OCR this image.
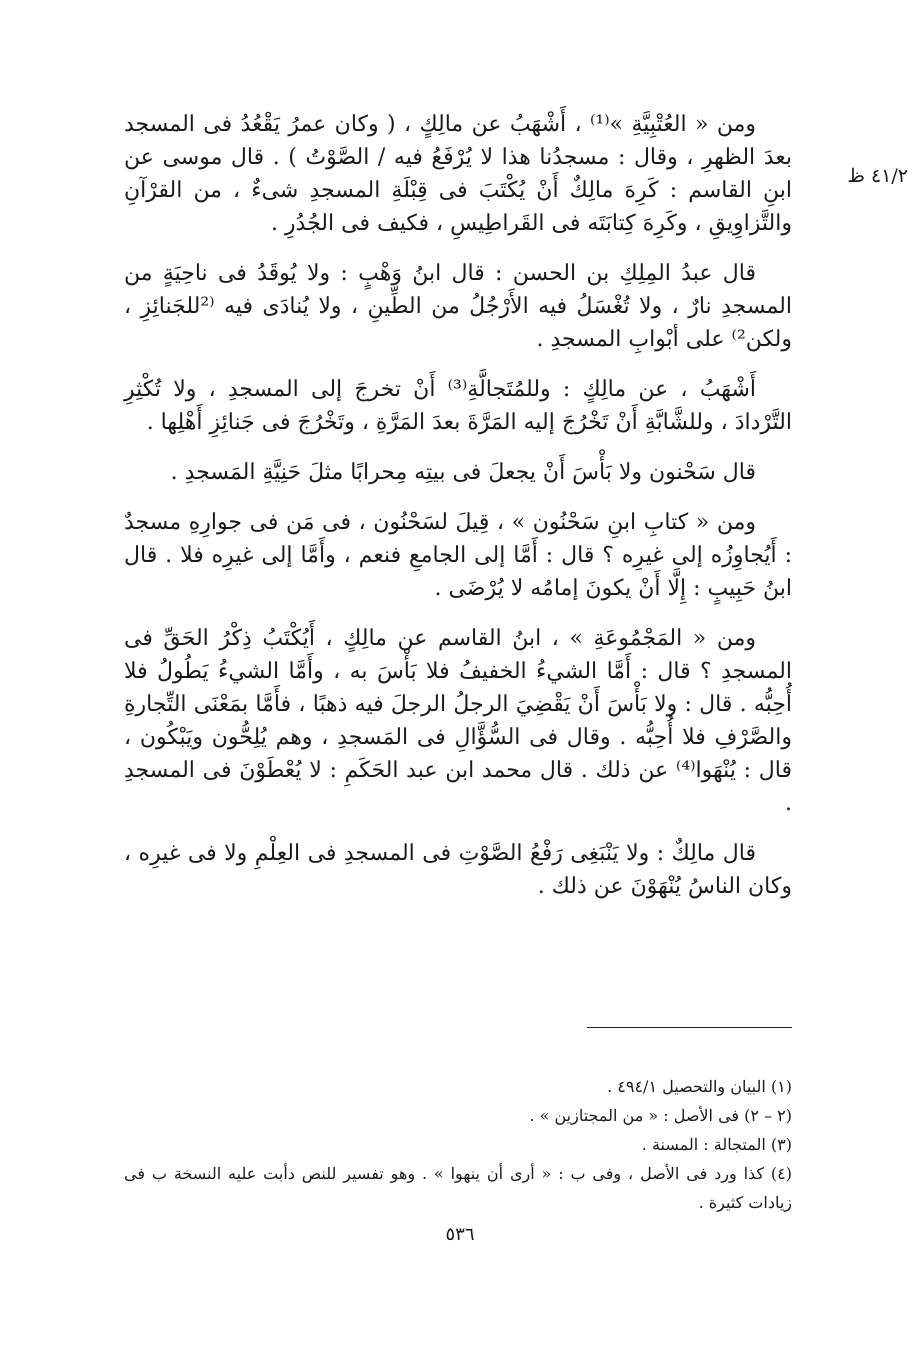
٤١/٢ ظ

ومن « العُتْبِيَّةِ »⁽¹⁾ ، أَشْهَبُ عن مالِكٍ ، ( وكان عمرُ يَقْعُدُ فى المسجد بعدَ الظهرِ ، وقال : مسجدُنا هذا لا يُرْفَعُ فيه / الصَّوْتُ ) . قال موسى عن ابنِ القاسم : كَرِهَ مالِكٌ أَنْ يُكْتَبَ فى قِبْلَةِ المسجدِ شىءٌ ، من القرْآنِ والتَّزاوِيقِ ، وكَرِهَ كِتابَتَه فى القَراطِيسِ ، فكيف فى الجُدُرِ .

قال عبدُ المِلِكِ بن الحسن : قال ابنُ وَهْبٍ : ولا يُوقَدُ فى ناحِيَةٍ من المسجدِ نارٌ ، ولا تُغْسَلُ فيه الأَرْجُلُ من الطِّينِ ، ولا يُنادَى فيه ⁽²للجَنائِزِ ، ولكن²⁾ على أبْوابِ المسجدِ .

أَشْهَبُ ، عن مالِكٍ : وللمُتَجالَّةِ⁽³⁾ أَنْ تخرجَ إلى المسجدِ ، ولا تُكْثِرِ التَّرْدادَ ، وللشَّابَّةِ أَنْ تَخْرُجَ إليه المَرَّةَ بعدَ المَرَّةِ ، وتَخْرُجَ فى جَنائِزِ أَهْلِها .

قال سَحْنون ولا بَأْسَ أَنْ يجعلَ فى بيتِه مِحرابًا مثلَ حَنِيَّةِ المَسجدِ .

ومن « كتابِ ابنِ سَحْنُون » ، قِيلَ لسَحْنُون ، فى مَن فى جوارِهِ مسجدٌ : أَيُجاوِزُه إلى غيرِه ؟ قال : أَمَّا إلى الجامعِ فنعم ، وأَمَّا إلى غيرِه فلا . قال ابنُ حَبِيبٍ : إِلَّا أَنْ يكونَ إمامُه لا يُرْضَى .

ومن « المَجْمُوعَةِ » ، ابنُ القاسم عن مالِكٍ ، أَيُكْتَبُ ذِكْرُ الحَقِّ فى المسجدِ ؟ قال : أَمَّا الشيءُ الخفيفُ فلا بَأْسَ به ، وأَمَّا الشيءُ يَطُولُ فلا أُحِبُّه . قال : ولا بَأْسَ أَنْ يَقْضِيَ الرجلُ الرجلَ فيه ذهبًا ، فأَمَّا بمَعْنَى التِّجارةِ والصَّرْفِ فلا أُحِبُّه . وقال فى السُّؤَّالِ فى المَسجدِ ، وهم يُلِحُّون ويَبْكُون ، قال : يُنْهَوا⁽⁴⁾ عن ذلك . قال محمد ابن عبد الحَكَمِ : لا يُعْطَوْنَ فى المسجدِ .

قال مالِكٌ : ولا يَنْبَغِى رَفْعُ الصَّوْتِ فى المسجدِ فى العِلْمِ ولا فى غيرِه ، وكان الناسُ يُنْهَوْنَ عن ذلك .

(١) البيان والتحصيل ٤٩٤/١ .

(٢ – ٢) فى الأصل : « من المجتازين » .

(٣) المتجالة : المسنة .

(٤) كذا ورد فى الأصل ، وفى ب : « أرى أن ينهوا » . وهو تفسير للنص دأبت عليه النسخة ب فى زيادات كثيرة .

٥٣٦
